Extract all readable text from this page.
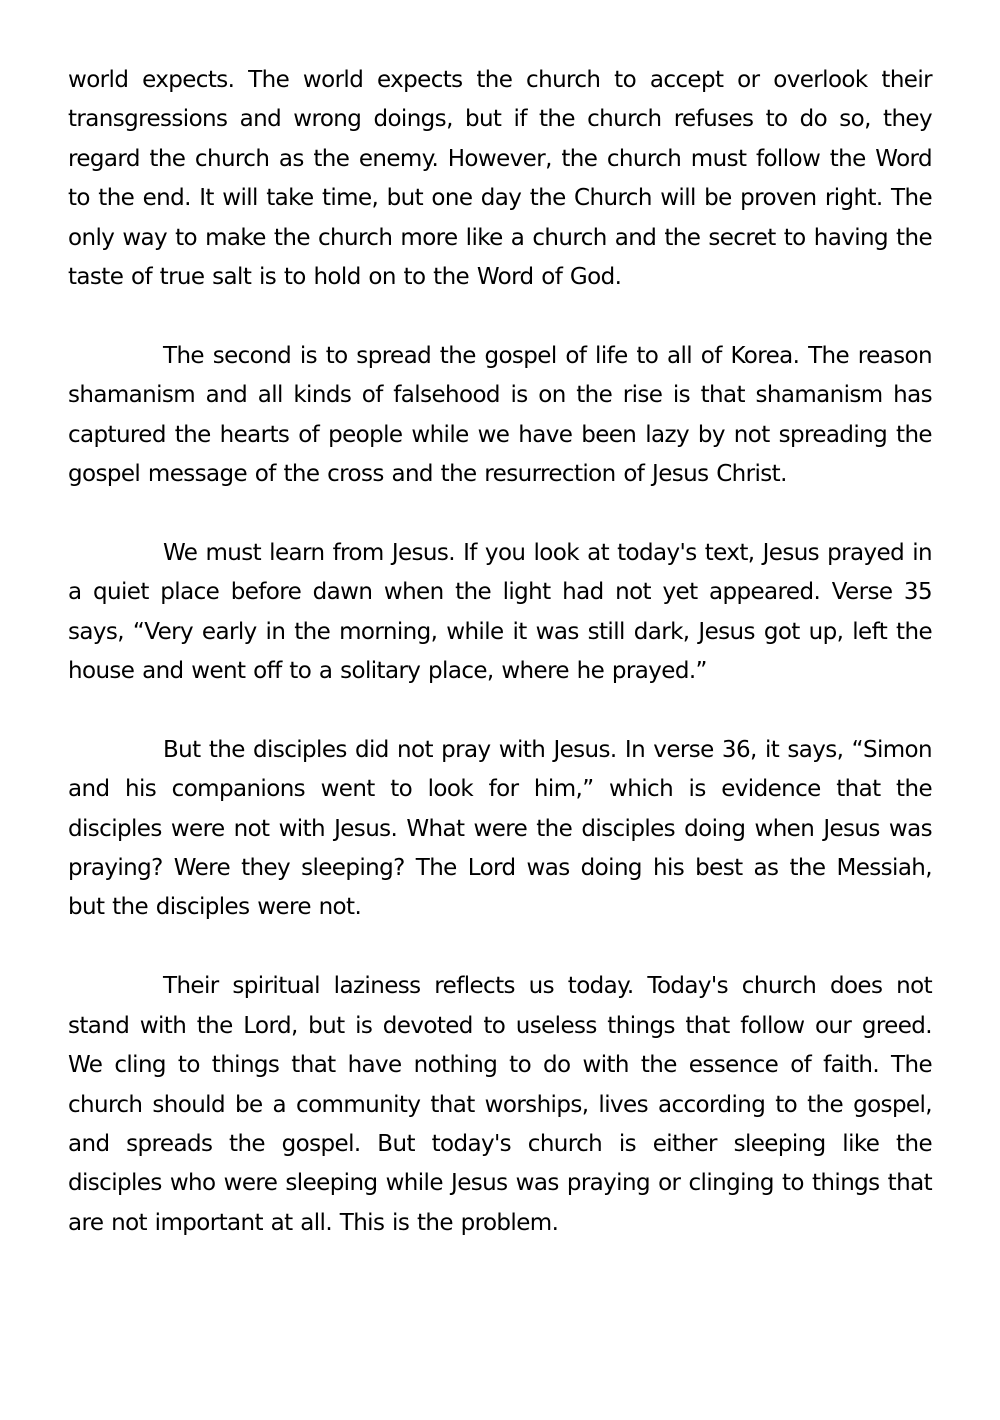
world expects. The world expects the church to accept or overlook their transgressions and wrong doings, but if the church refuses to do so, they regard the church as the enemy. However, the church must follow the Word to the end. It will take time, but one day the Church will be proven right. The only way to make the church more like a church and the secret to having the taste of true salt is to hold on to the Word of God.

The second is to spread the gospel of life to all of Korea. The reason shamanism and all kinds of falsehood is on the rise is that shamanism has captured the hearts of people while we have been lazy by not spreading the gospel message of the cross and the resurrection of Jesus Christ.

We must learn from Jesus. If you look at today's text, Jesus prayed in a quiet place before dawn when the light had not yet appeared. Verse 35 says, “Very early in the morning, while it was still dark, Jesus got up, left the house and went off to a solitary place, where he prayed.”

But the disciples did not pray with Jesus. In verse 36, it says, “Simon and his companions went to look for him,” which is evidence that the disciples were not with Jesus. What were the disciples doing when Jesus was praying? Were they sleeping? The Lord was doing his best as the Messiah, but the disciples were not.

Their spiritual laziness reflects us today. Today's church does not stand with the Lord, but is devoted to useless things that follow our greed. We cling to things that have nothing to do with the essence of faith. The church should be a community that worships, lives according to the gospel, and spreads the gospel. But today's church is either sleeping like the disciples who were sleeping while Jesus was praying or clinging to things that are not important at all. This is the problem.
